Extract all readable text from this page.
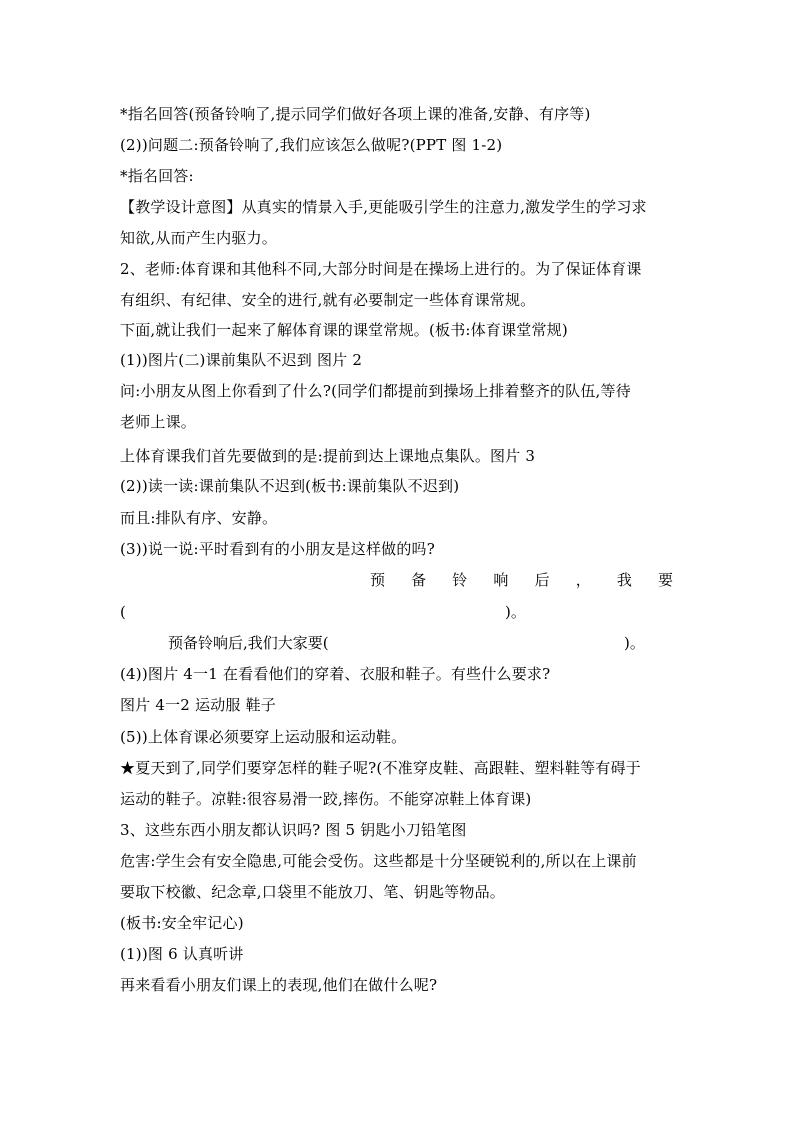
*指名回答(预备铃响了,提示同学们做好各项上课的准备,安静、有序等)

(2))问题二:预备铃响了,我们应该怎么做呢?(PPT 图 1-2)

*指名回答:

【教学设计意图】从真实的情景入手,更能吸引学生的注意力,激发学生的学习求

知欲,从而产生内驱力。

2、老师:体育课和其他科不同,大部分时间是在操场上进行的。为了保证体育课

有组织、有纪律、安全的进行,就有必要制定一些体育课常规。

下面,就让我们一起来了解体育课的课堂常规。(板书:体育课堂常规)

(1))图片(二)课前集队不迟到 图片 2

问:小朋友从图上你看到了什么?(同学们都提前到操场上排着整齐的队伍,等待

老师上课。

上体育课我们首先要做到的是:提前到达上课地点集队。图片 3

(2))读一读:课前集队不迟到(板书:课前集队不迟到)

而且:排队有序、安静。

(3))说一说:平时看到有的小朋友是这样做的吗?

预 备 铃 响 后 ， 我 要

(	)。

预备铃响后,我们大家要(	)。

(4))图片 4一1 在看看他们的穿着、衣服和鞋子。有些什么要求?

图片 4一2 运动服 鞋子

(5))上体育课必须要穿上运动服和运动鞋。

★夏天到了,同学们要穿怎样的鞋子呢?(不准穿皮鞋、高跟鞋、塑料鞋等有碍于

运动的鞋子。凉鞋:很容易滑一跤,摔伤。不能穿凉鞋上体育课)

3、这些东西小朋友都认识吗? 图 5 钥匙小刀铅笔图

危害:学生会有安全隐患,可能会受伤。这些都是十分坚硬锐利的,所以在上课前

要取下校徽、纪念章,口袋里不能放刀、笔、钥匙等物品。

(板书:安全牢记心)

(1))图 6 认真听讲

再来看看小朋友们课上的表现,他们在做什么呢?
